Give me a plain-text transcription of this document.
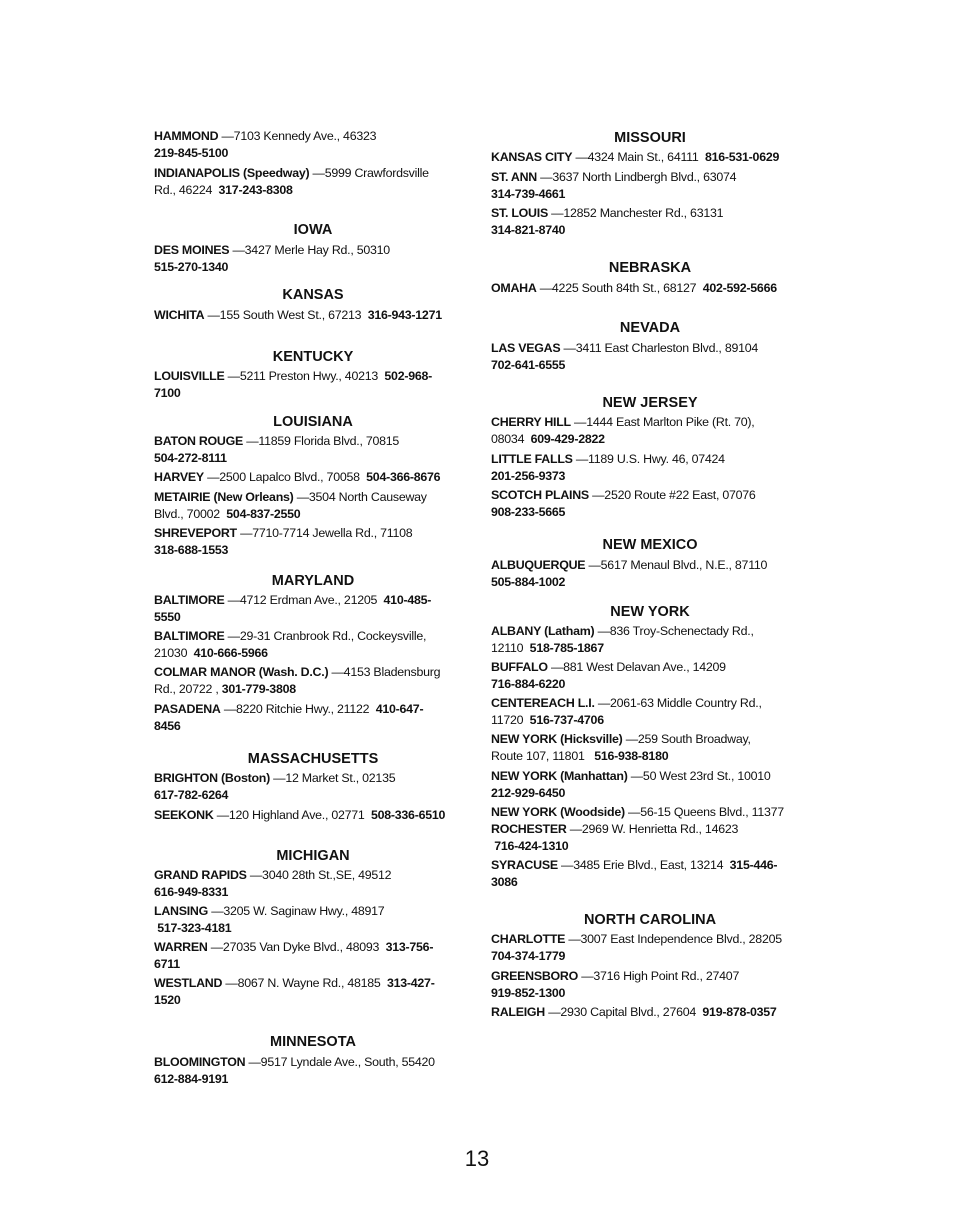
HAMMOND — 7103 Kennedy Ave., 46323
219-845-5100
INDIANAPOLIS (Speedway) — 5999 Crawfordsville
Rd., 46224  317-243-8308
IOWA
DES MOINES — 3427 Merle Hay Rd., 50310
515-270-1340
KANSAS
WICHITA — 155 South West St., 67213 316-943-1271
KENTUCKY
LOUISVILLE — 5211 Preston Hwy., 40213 502-968-
7100
LOUISIANA
BATON ROUGE — 11859 Florida Blvd., 70815
504-272-8111
HARVEY — 2500 Lapalco Blvd., 70058 504-366-8676
METAIRIE (New Orleans) — 3504 North Causeway
Blvd., 70002  504-837-2550
SHREVEPORT — 7710-7714 Jewella Rd., 71108
318-688-1553
MARYLAND
BALTIMORE — 4712 Erdman Ave., 21205 410-485-
5550
BALTIMORE — 29-31 Cranbrook Rd., Cockeysville,
21030  410-666-5966
COLMAR MANOR (Wash. D.C.) — 4153 Bladensburg
Rd., 20722 , 301-779-3808
PASADENA — 8220 Ritchie Hwy., 21122 410-647-
8456
MASSACHUSETTS
BRIGHTON (Boston) — 12 Market St., 02135
617-782-6264
SEEKONK — 120 Highland Ave., 02771 508-336-6510
MICHIGAN
GRAND RAPIDS — 3040 28th St.,SE, 49512
616-949-8331
LANSING — 3205 W. Saginaw Hwy., 48917
517-323-4181
WARREN — 27035 Van Dyke Blvd., 48093 313-756-
6711
WESTLAND — 8067 N. Wayne Rd., 48185 313-427-
1520
MINNESOTA
BLOOMINGTON — 9517 Lyndale Ave., South, 55420
612-884-9191
MISSOURI
KANSAS CITY — 4324 Main St., 64111 816-531-0629
ST. ANN — 3637 North Lindbergh Blvd., 63074
314-739-4661
ST. LOUIS — 12852 Manchester Rd., 63131
314-821-8740
NEBRASKA
OMAHA — 4225 South 84th St., 68127 402-592-5666
NEVADA
LAS VEGAS — 3411 East Charleston Blvd., 89104
702-641-6555
NEW JERSEY
CHERRY HILL — 1444 East Marlton Pike (Rt. 70),
08034  609-429-2822
LITTLE FALLS — 1189 U.S. Hwy. 46, 07424
201-256-9373
SCOTCH PLAINS — 2520 Route #22 East, 07076
908-233-5665
NEW MEXICO
ALBUQUERQUE — 5617 Menaul Blvd., N.E., 87110
505-884-1002
NEW YORK
ALBANY (Latham) — 836 Troy-Schenectady Rd.,
12110  518-785-1867
BUFFALO — 881 West Delavan Ave., 14209
716-884-6220
CENTEREACH L.I. — 2061-63 Middle Country Rd.,
11720  516-737-4706
NEW YORK (Hicksville) — 259 South Broadway,
Route 107, 11801   516-938-8180
NEW YORK (Manhattan) — 50 West 23rd St., 10010
212-929-6450
NEW YORK (Woodside) — 56-15 Queens Blvd., 11377
ROCHESTER — 2969 W. Henrietta Rd., 14623
716-424-1310
SYRACUSE — 3485 Erie Blvd., East, 13214 315-446-
3086
NORTH CAROLINA
CHARLOTTE — 3007 East Independence Blvd., 28205
704-374-1779
GREENSBORO — 3716 High Point Rd., 27407
919-852-1300
RALEIGH — 2930 Capital Blvd., 27604 919-878-0357
13
